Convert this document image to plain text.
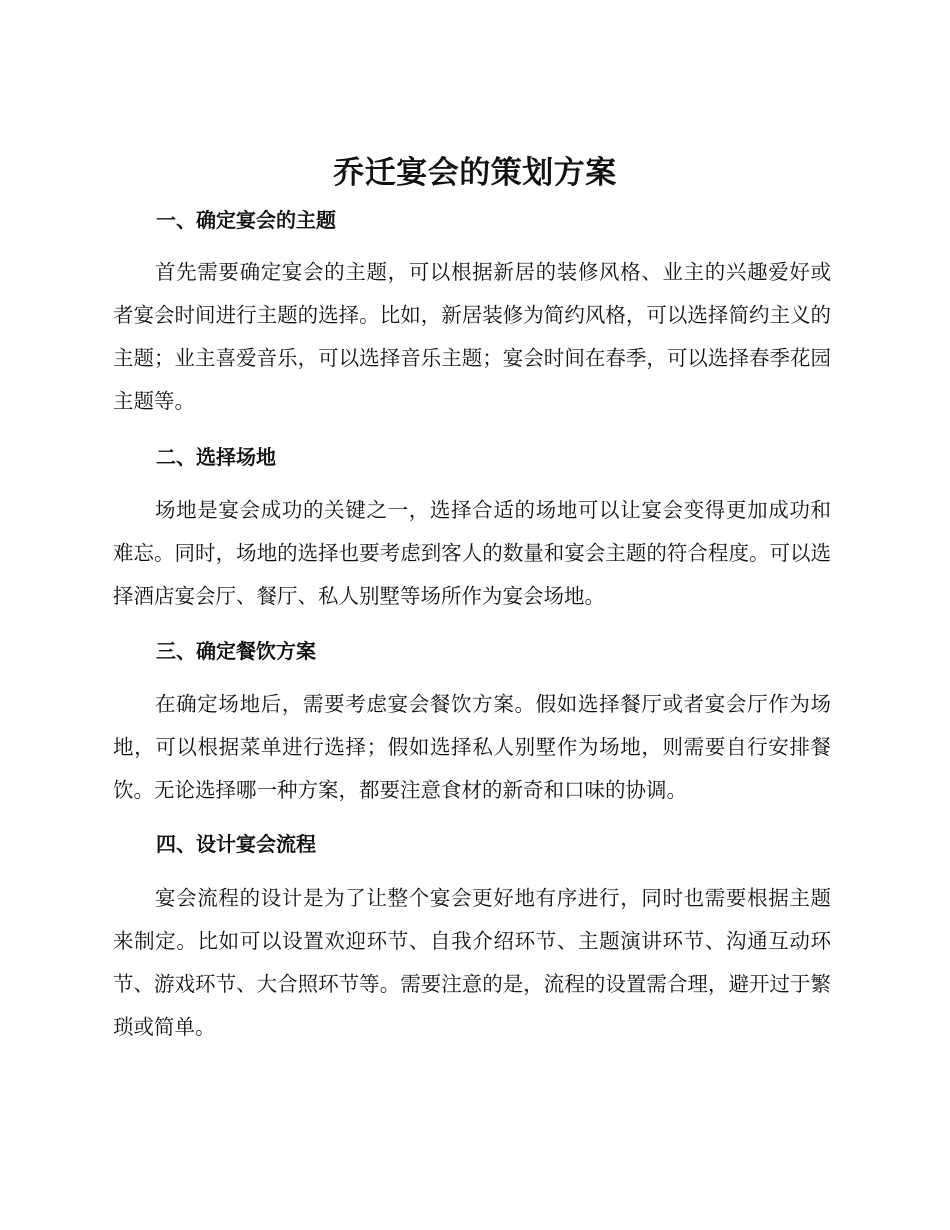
乔迁宴会的策划方案
一、确定宴会的主题

首先需要确定宴会的主题，可以根据新居的装修风格、业主的兴趣爱好或者宴会时间进行主题的选择。比如，新居装修为简约风格，可以选择简约主义的主题；业主喜爱音乐，可以选择音乐主题；宴会时间在春季，可以选择春季花园主题等。

二、选择场地

场地是宴会成功的关键之一，选择合适的场地可以让宴会变得更加成功和难忘。同时，场地的选择也要考虑到客人的数量和宴会主题的符合程度。可以选择酒店宴会厅、餐厅、私人别墅等场所作为宴会场地。

三、确定餐饮方案

在确定场地后，需要考虑宴会餐饮方案。假如选择餐厅或者宴会厅作为场地，可以根据菜单进行选择；假如选择私人别墅作为场地，则需要自行安排餐饮。无论选择哪一种方案，都要注意食材的新奇和口味的协调。

四、设计宴会流程

宴会流程的设计是为了让整个宴会更好地有序进行，同时也需要根据主题来制定。比如可以设置欢迎环节、自我介绍环节、主题演讲环节、沟通互动环节、游戏环节、大合照环节等。需要注意的是，流程的设置需合理，避开过于繁琐或简单。
